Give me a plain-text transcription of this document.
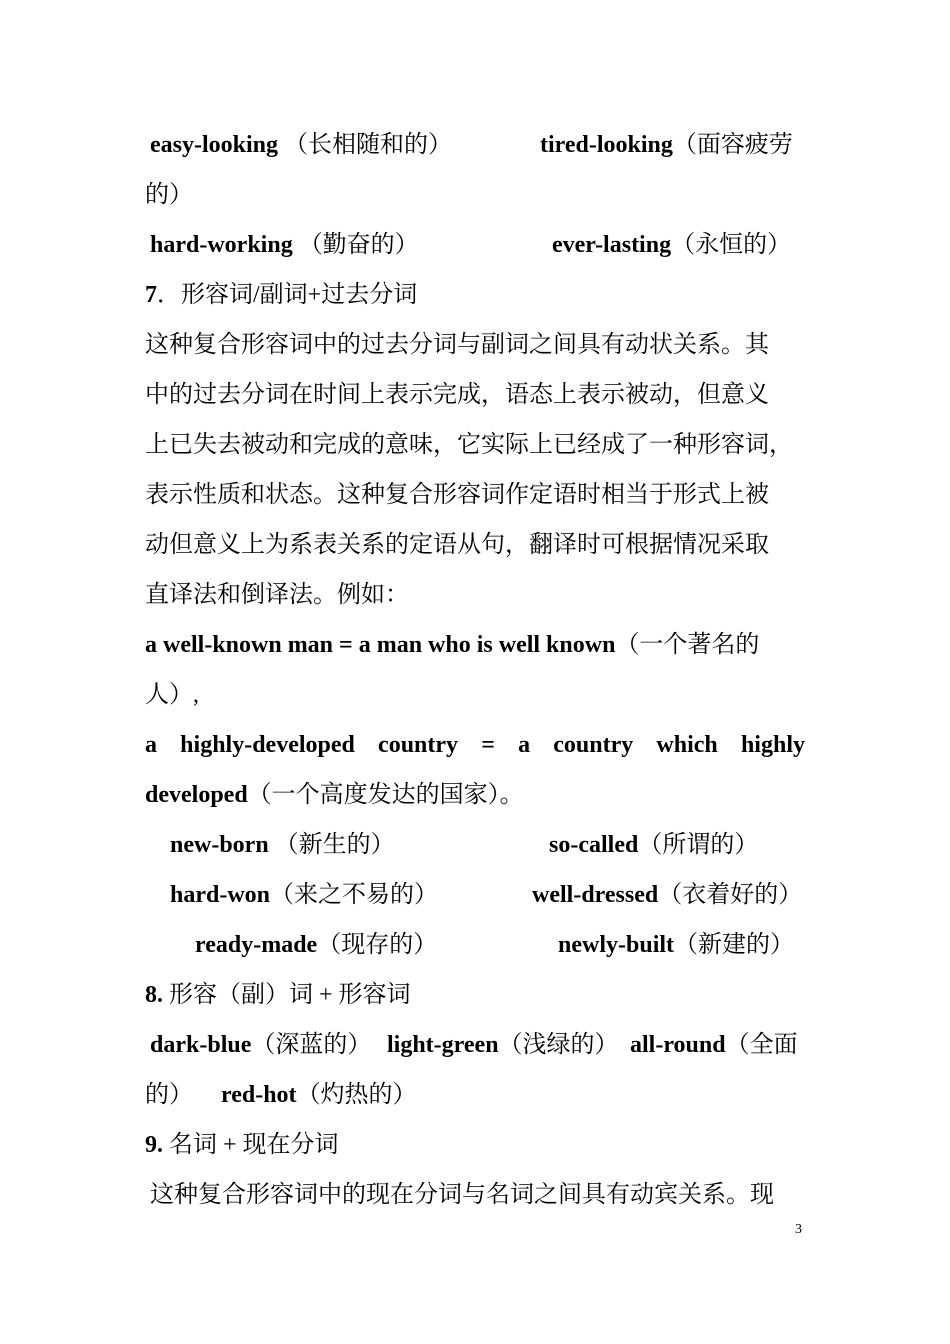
easy-looking （长相随和的）	tired-looking（面容疲劳
的）
hard-working （勤奋的）	ever-lasting（永恒的）
7．形容词/副词+过去分词
这种复合形容词中的过去分词与副词之间具有动状关系。其
中的过去分词在时间上表示完成，语态上表示被动，但意义
上已失去被动和完成的意味，它实际上已经成了一种形容词，
表示性质和状态。这种复合形容词作定语时相当于形式上被
动但意义上为系表关系的定语从句，翻译时可根据情况采取
直译法和倒译法。例如：
a well-known man = a man who is well known（一个著名的
人）,
a highly-developed country = a country which highly
developed（一个高度发达的国家）。
new-born （新生的）	so-called（所谓的）
hard-won（来之不易的）	well-dressed（衣着好的）
ready-made（现存的）	newly-built（新建的）
8. 形容（副）词 + 形容词
dark-blue（深蓝的） light-green（浅绿的） all-round（全面
的） red-hot（灼热的）
9. 名词 + 现在分词
这种复合形容词中的现在分词与名词之间具有动宾关系。现
3
